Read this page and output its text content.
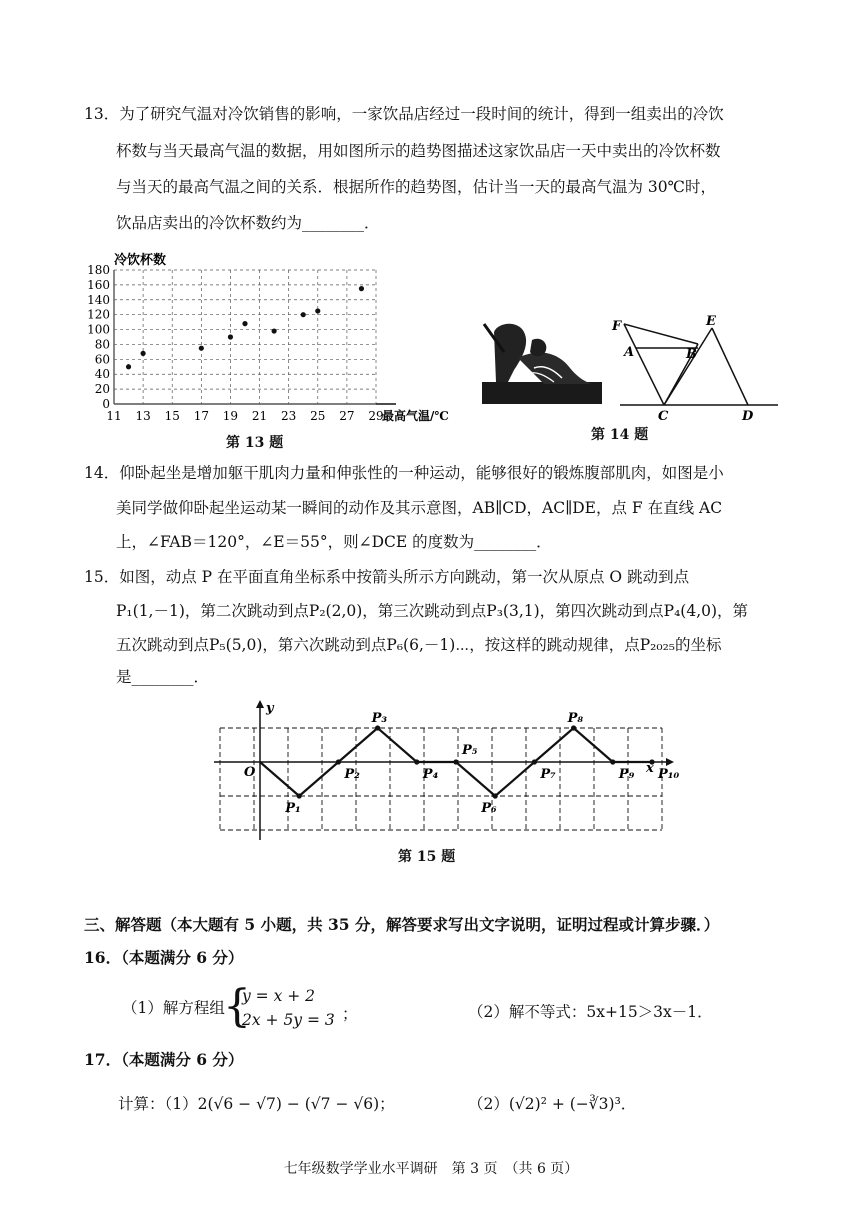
13．为了研究气温对冷饮销售的影响，一家饮品店经过一段时间的统计，得到一组卖出的冷饮
杯数与当天最高气温的数据，用如图所示的趋势图描述这家饮品店一天中卖出的冷饮杯数
与当天的最高气温之间的关系．根据所作的趋势图，估计当一天的最高气温为 30℃时，
饮品店卖出的冷饮杯数约为________．
0
20
40
60
80
100
120
140
160
180
11 13 15 17 19 21 23 25 27 29
冷饮杯数
最高气温/℃
第 13 题
F
A	B
E
C	D
第 14 题
14．仰卧起坐是增加躯干肌肉力量和伸张性的一种运动，能够很好的锻炼腹部肌肉，如图是小
美同学做仰卧起坐运动某一瞬间的动作及其示意图，AB∥CD，AC∥DE，点 F 在直线 AC
上，∠FAB＝120°，∠E＝55°，则∠DCE 的度数为________．
15．如图，动点 P 在平面直角坐标系中按箭头所示方向跳动，第一次从原点 O 跳动到点
P₁(1,－1)，第二次跳动到点P₂(2,0)，第三次跳动到点P₃(3,1)，第四次跳动到点P₄(4,0)，第
五次跳动到点P₅(5,0)，第六次跳动到点P₆(6,－1)⋯，按这样的跳动规律，点P₂₀₂₅的坐标
是________．
P₁
P₂
P₃
P₄
P₅
P₆
P₇
P₈
P₉ P₁₀
y
x
O
第 15 题
三、解答题（本大题有 5 小题，共 35 分，解答要求写出文字说明，证明过程或计算步骤．）
16．（本题满分 6 分）
（1）解方程组
{
y = x + 2
2x + 5y = 3 ；	（2）解不等式：5x+15＞3x－1．
17．（本题满分 6 分）
计算：（1）2(√6 − √7) − (√7 − √6)；	（2）(√2)² + (−∛3)³．
七年级数学学业水平调研　第 3 页　（共 6 页）
